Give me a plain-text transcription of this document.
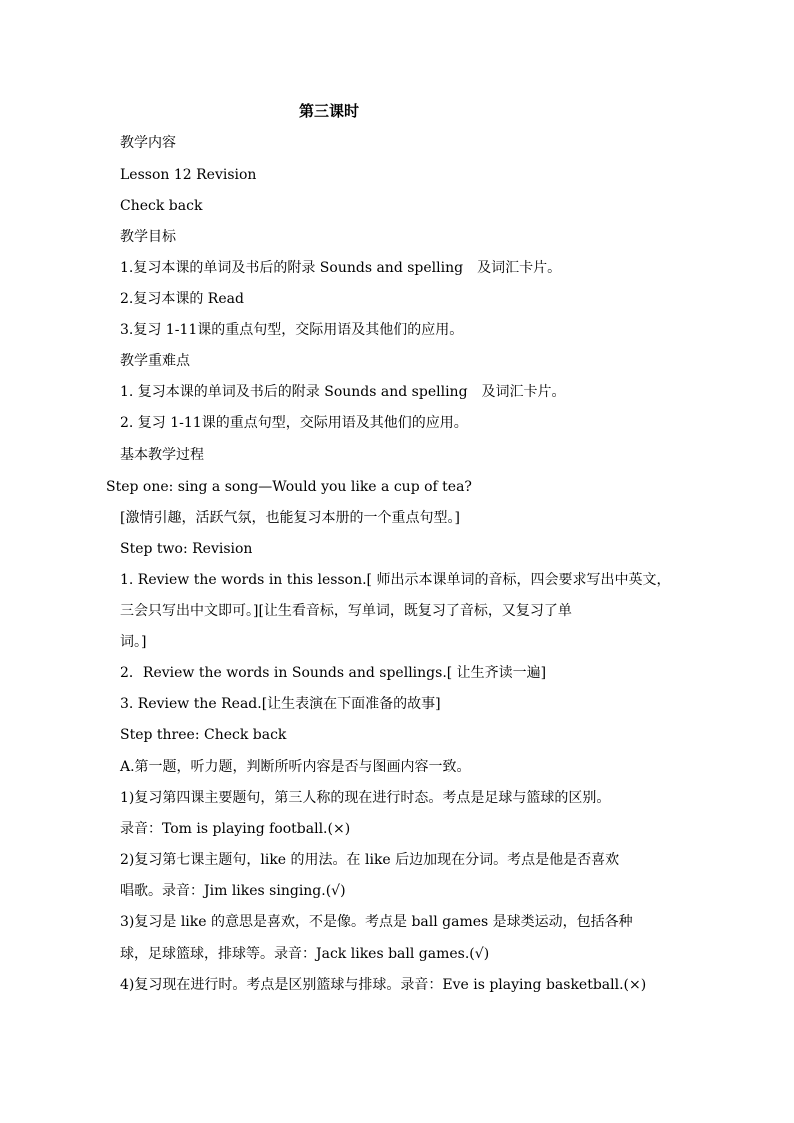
第三课时
教学内容
Lesson 12 Revision
Check back
教学目标
1.复习本课的单词及书后的附录 Sounds and spelling　及词汇卡片。
2.复习本课的 Read
3.复习 1-11课的重点句型，交际用语及其他们的应用。
教学重难点
1. 复习本课的单词及书后的附录 Sounds and spelling　及词汇卡片。
2. 复习 1-11课的重点句型，交际用语及其他们的应用。
基本教学过程
Step one: sing a song—Would you like a cup of tea?
[激情引趣，活跃气氛，也能复习本册的一个重点句型。]
Step two: Revision
1. Review the words in this lesson.[ 师出示本课单词的音标，四会要求写出中英文，
三会只写出中文即可。][让生看音标，写单词，既复习了音标，又复习了单
词。]
2．Review the words in Sounds and spellings.[ 让生齐读一遍]
3. Review the Read.[让生表演在下面准备的故事]
Step three: Check back
A.第一题，听力题，判断所听内容是否与图画内容一致。
1)复习第四课主要题句，第三人称的现在进行时态。考点是足球与篮球的区别。
录音：Tom is playing football.(×)
2)复习第七课主题句，like 的用法。在 like 后边加现在分词。考点是他是否喜欢
唱歌。录音：Jim likes singing.(√)
3)复习是 like 的意思是喜欢，不是像。考点是 ball games 是球类运动，包括各种
球，足球篮球，排球等。录音：Jack likes ball games.(√)
4)复习现在进行时。考点是区别篮球与排球。录音：Eve is playing basketball.(×)
